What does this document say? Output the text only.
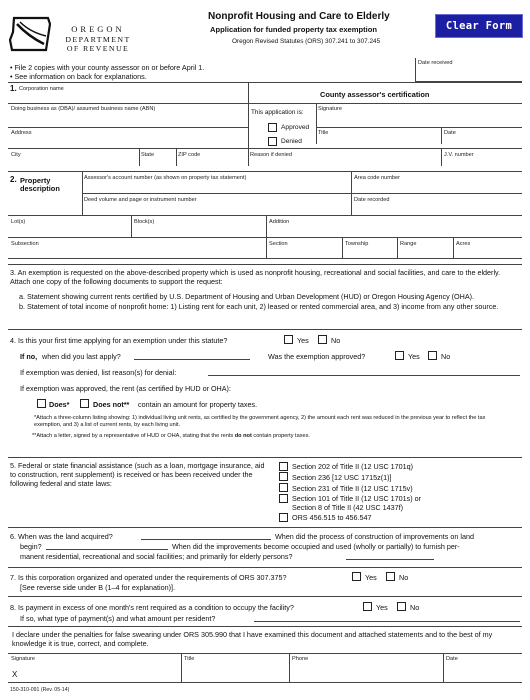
OREGON
DEPARTMENT
OF REVENUE
Nonprofit Housing and Care to Elderly
Application for funded property tax exemption
Oregon Revised Statutes (ORS) 307.241 to 307.245
Clear Form
• File 2 copies with your county assessor on or before April 1.
• See information on back for explanations.
Date received
1. Corporation name
County assessor's certification
Doing business as (DBA)/ assumed business name (ABN)	This application is:	Signature
Approved
Denied
Address	Title	Date
City	State	ZIP code	Reason if denied	J.V. number
2. Property
description
Assessor's account number (as shown on property tax statement)	Area code number
Deed volume and page or instrument number	Date recorded
Lot(s)	Block(s)	Addition
Subsection	Section	Township	Range	Acres
3. An exemption is requested on the above-described property which is used as nonprofit housing, recreational and social facilities, and care to the elderly. Attach one copy of the following documents to support the request:
a. Statement showing current rents certified by U.S. Department of Housing and Urban Development (HUD) or Oregon Housing Agency (OHA).
b. Statement of total income of nonprofit home: 1) Listing rent for each unit, 2) leased or rented commercial area, and 3) income from any other source.
4. Is this your first time applying for an exemption under this statute?	Yes	No
If no, when did you last apply?	Was the exemption approved?	Yes	No
If exemption was denied, list reason(s) for denial:
If exemption was approved, the rent (as certified by HUD or OHA):
Does*	Does not** contain an amount for property taxes.
*Attach a three-column listing showing: 1) individual living unit rents, as certified by the government agency, 2) the amount each rent was reduced in the previous year to reflect the tax exemption, and 3) a list of current rents, by each living unit.
**Attach a letter, signed by a representative of HUD or OHA, stating that the rents do not contain property taxes.
5. Federal or state financial assistance (such as a loan, mortgage insurance, aid to construction, rent supplement) is received or has been received under the following federal and state laws:
Section 202 of Title II (12 USC 1701q)
Section 236 [12 USC 1715z(1)]
Section 231 of Title II (12 USC 1715v)
Section 101 of Title II (12 USC 1701s) or
Section 8 of Title II (42 USC 1437f)
ORS 456.515 to 456.547
6. When was the land acquired?	When did the process of construction of improvements on land
begin?	When did the improvements become occupied and used (wholly or partially) to furnish per-
manent residential, recreational and social facilities; and primarily for elderly persons?
7. Is this corporation organized and operated under the requirements of ORS 307.375?	Yes	No
[See reverse side under B (1–4 for explanation)].
8. Is payment in excess of one month's rent required as a condition to occupy the facility?	Yes	No
If so, what type of payment(s) and what amount per resident?
I declare under the penalties for false swearing under ORS 305.990 that I have examined this document and attached statements and to the best of my knowledge it is true, correct, and complete.
Signature	Title	Phone	Date
X
150-310-091 (Rev. 05-14)
